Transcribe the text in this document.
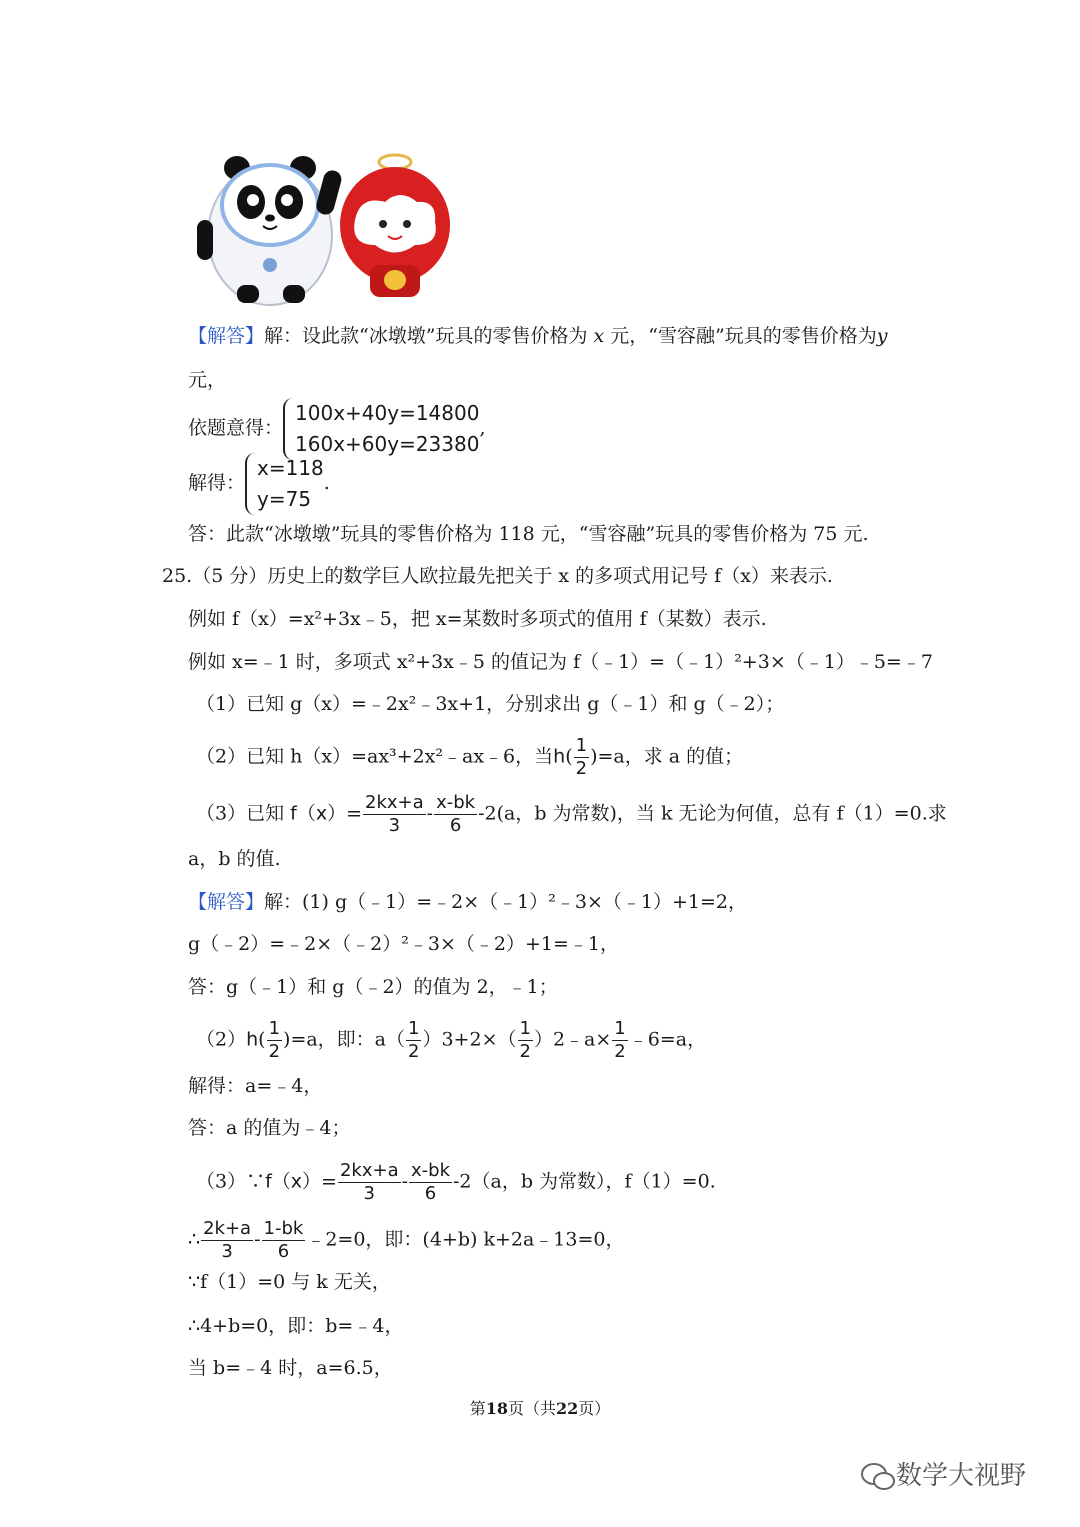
【解答】解：设此款“冰墩墩”玩具的零售价格为 x 元，“雪容融”玩具的零售价格为y
元，
依题意得：
100x+40y=14800
160x+60y=23380
,
解得：
x=118
y=75
.
答：此款“冰墩墩”玩具的零售价格为 118 元，“雪容融”玩具的零售价格为 75 元.
25.（5 分）历史上的数学巨人欧拉最先把关于 x 的多项式用记号 f（x）来表示.
例如 f（x）=x²+3x﹣5，把 x=某数时多项式的值用 f（某数）表示.
例如 x=﹣1 时，多项式 x²+3x﹣5 的值记为 f（﹣1）=（﹣1）²+3×（﹣1）﹣5=﹣7
（1）已知 g（x）=﹣2x²﹣3x+1，分别求出 g（﹣1）和 g（﹣2）；
（2）已知 h（x）=ax³+2x²﹣ax﹣6，当$h( \frac{1}{2} )=a$，求 a 的值；
（3）已知 $f(x)= \frac{2kx+a}{3} - \frac{x-bk}{6} -2(a$，b 为常数)，当 k 无论为何值，总有 f（1）=0.求
a，b 的值.
【解答】解：(1) g（﹣1）=﹣2×（﹣1）²﹣3×（﹣1）+1=2，
g（﹣2）=﹣2×（﹣2）²﹣3×（﹣2）+1=﹣1，
答：g（﹣1）和 g（﹣2）的值为 2，﹣1；
$(2)h( \frac{1}{2} )=a$，即：$a( \frac{1}{2} )3+2\times( \frac{1}{2}$ ）2﹣a× $\frac{1}{2}$ ﹣6=a，
解得：a=﹣4，
答：a 的值为﹣4；
（3）∵f（x）= $\frac{2kx+a}{3} - \frac{x-bk}{6} -2(a$，b 为常数），f（1）=0.
∴ $\frac{2k+a}{3} - \frac{1-bk}{6}$ ﹣2=0，即：(4+b) k+2a﹣13=0，
∵f（1）=0 与 k 无关，
∴4+b=0，即：b=﹣4，
当 b=﹣4 时，a=6.5，
第18页（共22页）
数学大视野
